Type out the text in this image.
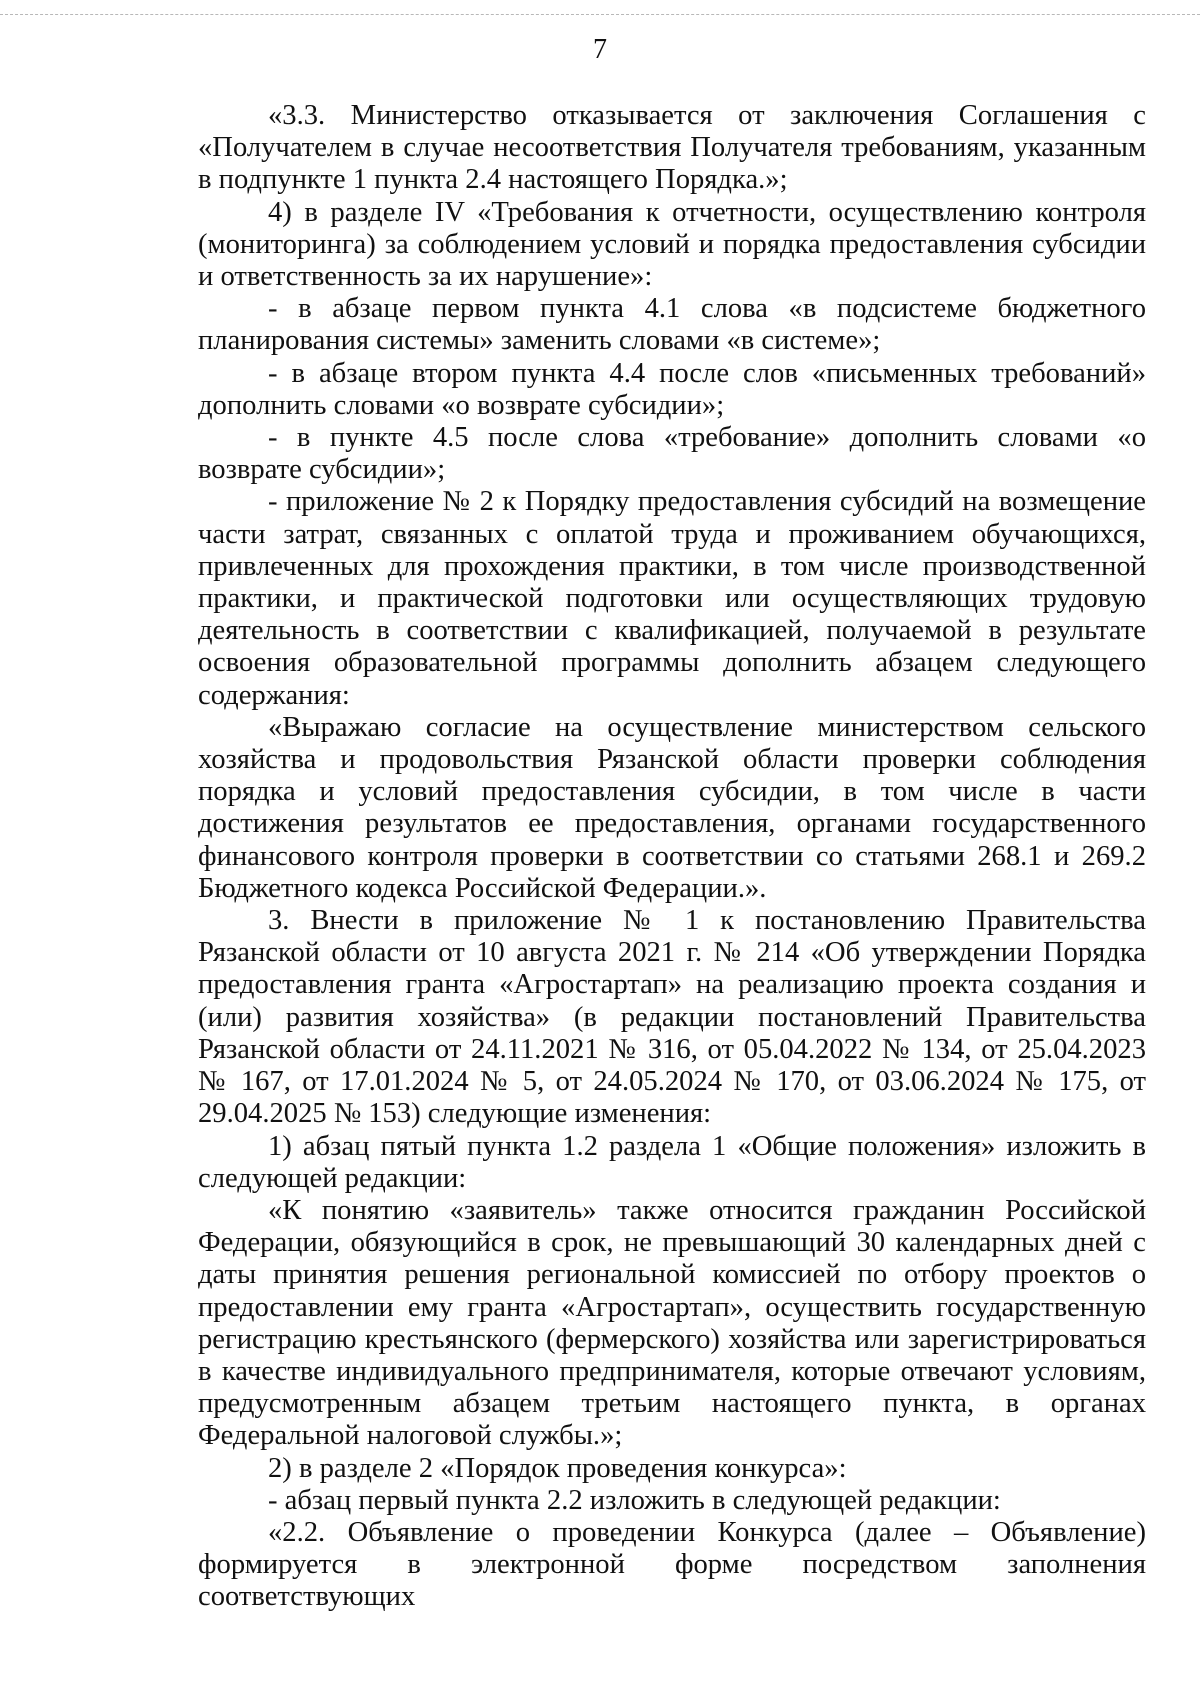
7

«3.3. Министерство отказывается от заключения Соглашения с «Получателем в случае несоответствия Получателя требованиям, указанным в подпункте 1 пункта 2.4 настоящего Порядка.»;

4) в разделе IV «Требования к отчетности, осуществлению контроля (мониторинга) за соблюдением условий и порядка предоставления субсидии и ответственность за их нарушение»:

- в абзаце первом пункта 4.1 слова «в подсистеме бюджетного планирования системы» заменить словами «в системе»;

- в абзаце втором пункта 4.4 после слов «письменных требований» дополнить словами «о возврате субсидии»;

- в пункте 4.5 после слова «требование» дополнить словами «о возврате субсидии»;

- приложение № 2 к Порядку предоставления субсидий на возмещение части затрат, связанных с оплатой труда и проживанием обучающихся, привлеченных для прохождения практики, в том числе производственной практики, и практической подготовки или осуществляющих трудовую деятельность в соответствии с квалификацией, получаемой в результате освоения образовательной программы дополнить абзацем следующего содержания:

«Выражаю согласие на осуществление министерством сельского хозяйства и продовольствия Рязанской области проверки соблюдения порядка и условий предоставления субсидии, в том числе в части достижения результатов ее предоставления, органами государственного финансового контроля проверки в соответствии со статьями 268.1 и 269.2 Бюджетного кодекса Российской Федерации.».

3. Внести в приложение № 1 к постановлению Правительства Рязанской области от 10 августа 2021 г. № 214 «Об утверждении Порядка предоставления гранта «Агростартап» на реализацию проекта создания и (или) развития хозяйства» (в редакции постановлений Правительства Рязанской области от 24.11.2021 № 316, от 05.04.2022 № 134, от 25.04.2023 № 167, от 17.01.2024 № 5, от 24.05.2024 № 170, от 03.06.2024 № 175, от 29.04.2025 № 153) следующие изменения:

1) абзац пятый пункта 1.2 раздела 1 «Общие положения» изложить в следующей редакции:

«К понятию «заявитель» также относится гражданин Российской Федерации, обязующийся в срок, не превышающий 30 календарных дней с даты принятия решения региональной комиссией по отбору проектов о предоставлении ему гранта «Агростартап», осуществить государственную регистрацию крестьянского (фермерского) хозяйства или зарегистрироваться в качестве индивидуального предпринимателя, которые отвечают условиям, предусмотренным абзацем третьим настоящего пункта, в органах Федеральной налоговой службы.»;

2) в разделе 2 «Порядок проведения конкурса»:

- абзац первый пункта 2.2 изложить в следующей редакции:

«2.2. Объявление о проведении Конкурса (далее – Объявление) формируется в электронной форме посредством заполнения соответствующих
